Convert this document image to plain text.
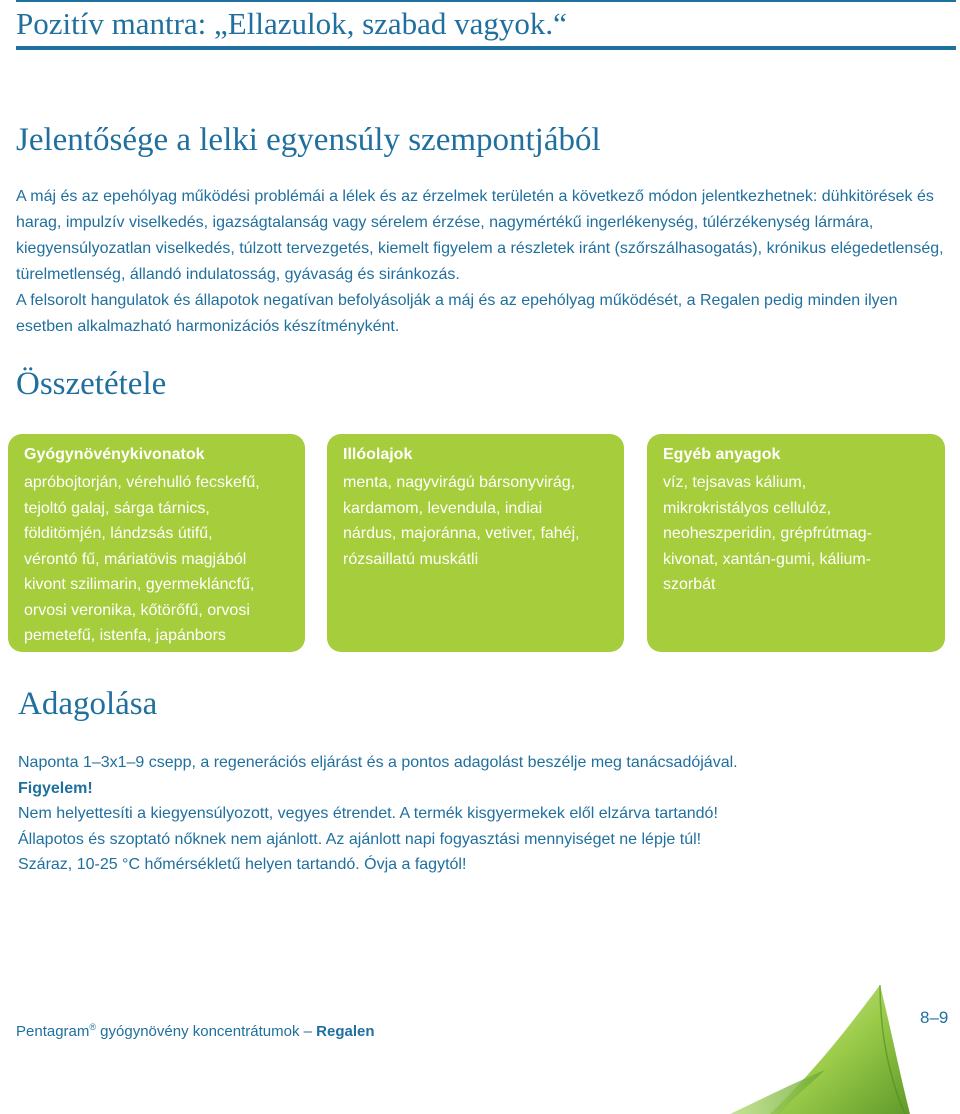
Pozitív mantra: „Ellazulok, szabad vagyok.“
Jelentősége a lelki egyensúly szempontjából

A máj és az epehólyag működési problémái a lélek és az érzelmek területén a következő módon jelentkezhetnek: dühkitörések és harag, impulzív viselkedés, igazságtalanság vagy sérelem érzése, nagymértékű ingerlékenység, túlérzékenység lármára, kiegyensúlyozatlan viselkedés, túlzott tervezgetés, kiemelt figyelem a részletek iránt (szőrszálhasogatás), krónikus elégedetlenség, türelmetlenség, állandó indulatosság, gyávaság és siránkozás.

A felsorolt hangulatok és állapotok negatívan befolyásolják a máj és az epehólyag működését, a Regalen pedig minden ilyen esetben alkalmazható harmonizációs készítményként.

Összetétele

Gyógynövénykivonatok

apróbojtorján, vérehulló fecskefű,
tejoltó galaj, sárga tárnics,
földitömjén, lándzsás útifű,
vérontó fű, máriatövis magjából
kivont szilimarin, gyermekláncfű,
orvosi veronika, kőtörőfű, orvosi
pemetefű, istenfa, japánbors

Illóolajok

menta, nagyvirágú bársonyvirág,
kardamom, levendula, indiai
nárdus, majoránna, vetiver, fahéj,
rózsaillatú muskátli

Egyéb anyagok

víz, tejsavas kálium,
mikrokristályos cellulóz,
neoheszperidin, grépfrútmag-
kivonat, xantán-gumi, kálium-
szorbát

Adagolása

Naponta 1–3x1–9 csepp, a regenerációs eljárást és a pontos adagolást beszélje meg tanácsadójával.

Figyelem!

Nem helyettesíti a kiegyensúlyozott, vegyes étrendet. A termék kisgyermekek elől elzárva tartandó!

Állapotos és szoptató nőknek nem ajánlott. Az ajánlott napi fogyasztási mennyiséget ne lépje túl!

Száraz, 10-25 °C hőmérsékletű helyen tartandó. Óvja a fagytól!

Pentagram® gyógynövény koncentrátumok – Regalen
8–9
